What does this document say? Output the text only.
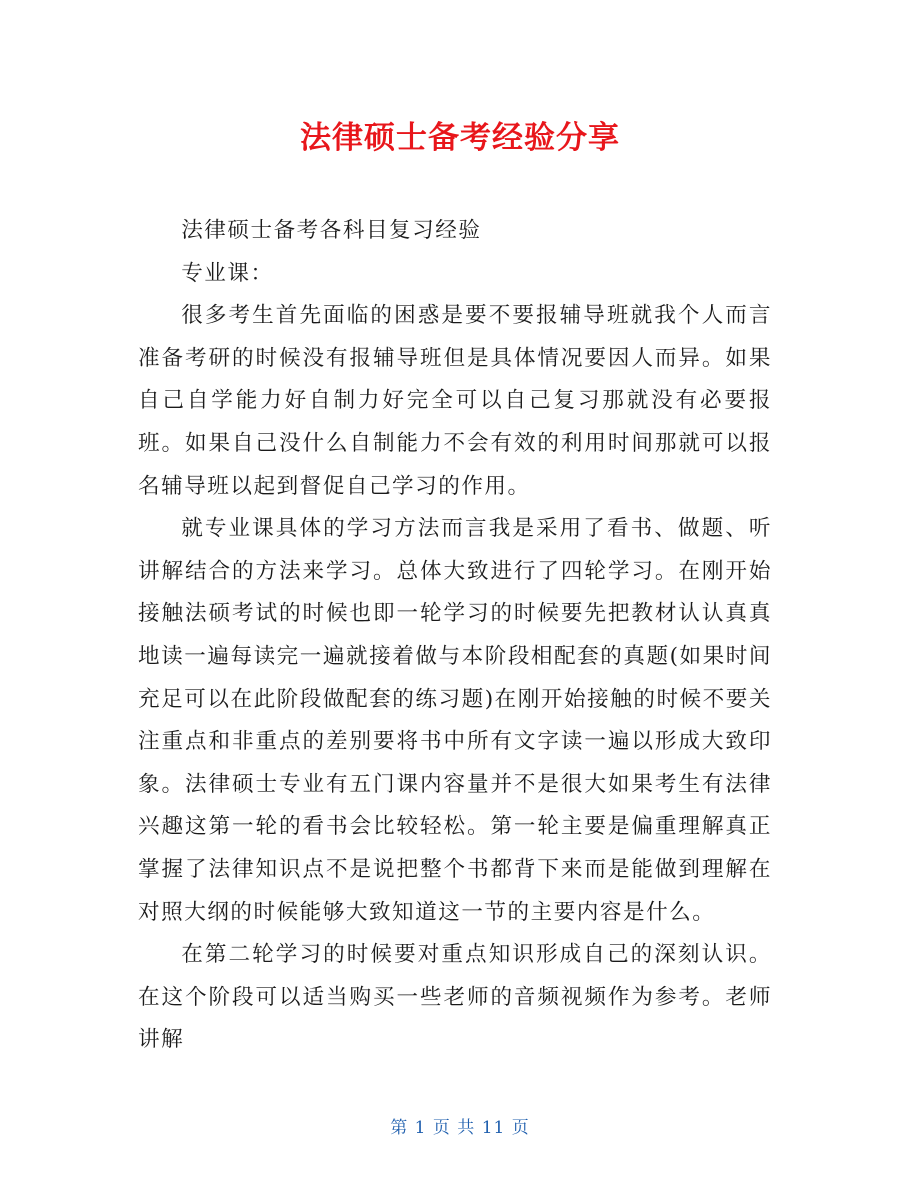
法律硕士备考经验分享

法律硕士备考各科目复习经验

专业课：

很多考生首先面临的困惑是要不要报辅导班就我个人而言准备考研的时候没有报辅导班但是具体情况要因人而异。如果自己自学能力好自制力好完全可以自己复习那就没有必要报班。如果自己没什么自制能力不会有效的利用时间那就可以报名辅导班以起到督促自己学习的作用。

就专业课具体的学习方法而言我是采用了看书、做题、听讲解结合的方法来学习。总体大致进行了四轮学习。在刚开始接触法硕考试的时候也即一轮学习的时候要先把教材认认真真地读一遍每读完一遍就接着做与本阶段相配套的真题(如果时间充足可以在此阶段做配套的练习题)在刚开始接触的时候不要关注重点和非重点的差别要将书中所有文字读一遍以形成大致印象。法律硕士专业有五门课内容量并不是很大如果考生有法律兴趣这第一轮的看书会比较轻松。第一轮主要是偏重理解真正掌握了法律知识点不是说把整个书都背下来而是能做到理解在对照大纲的时候能够大致知道这一节的主要内容是什么。

在第二轮学习的时候要对重点知识形成自己的深刻认识。在这个阶段可以适当购买一些老师的音频视频作为参考。老师讲解

第 1 页 共 11 页
